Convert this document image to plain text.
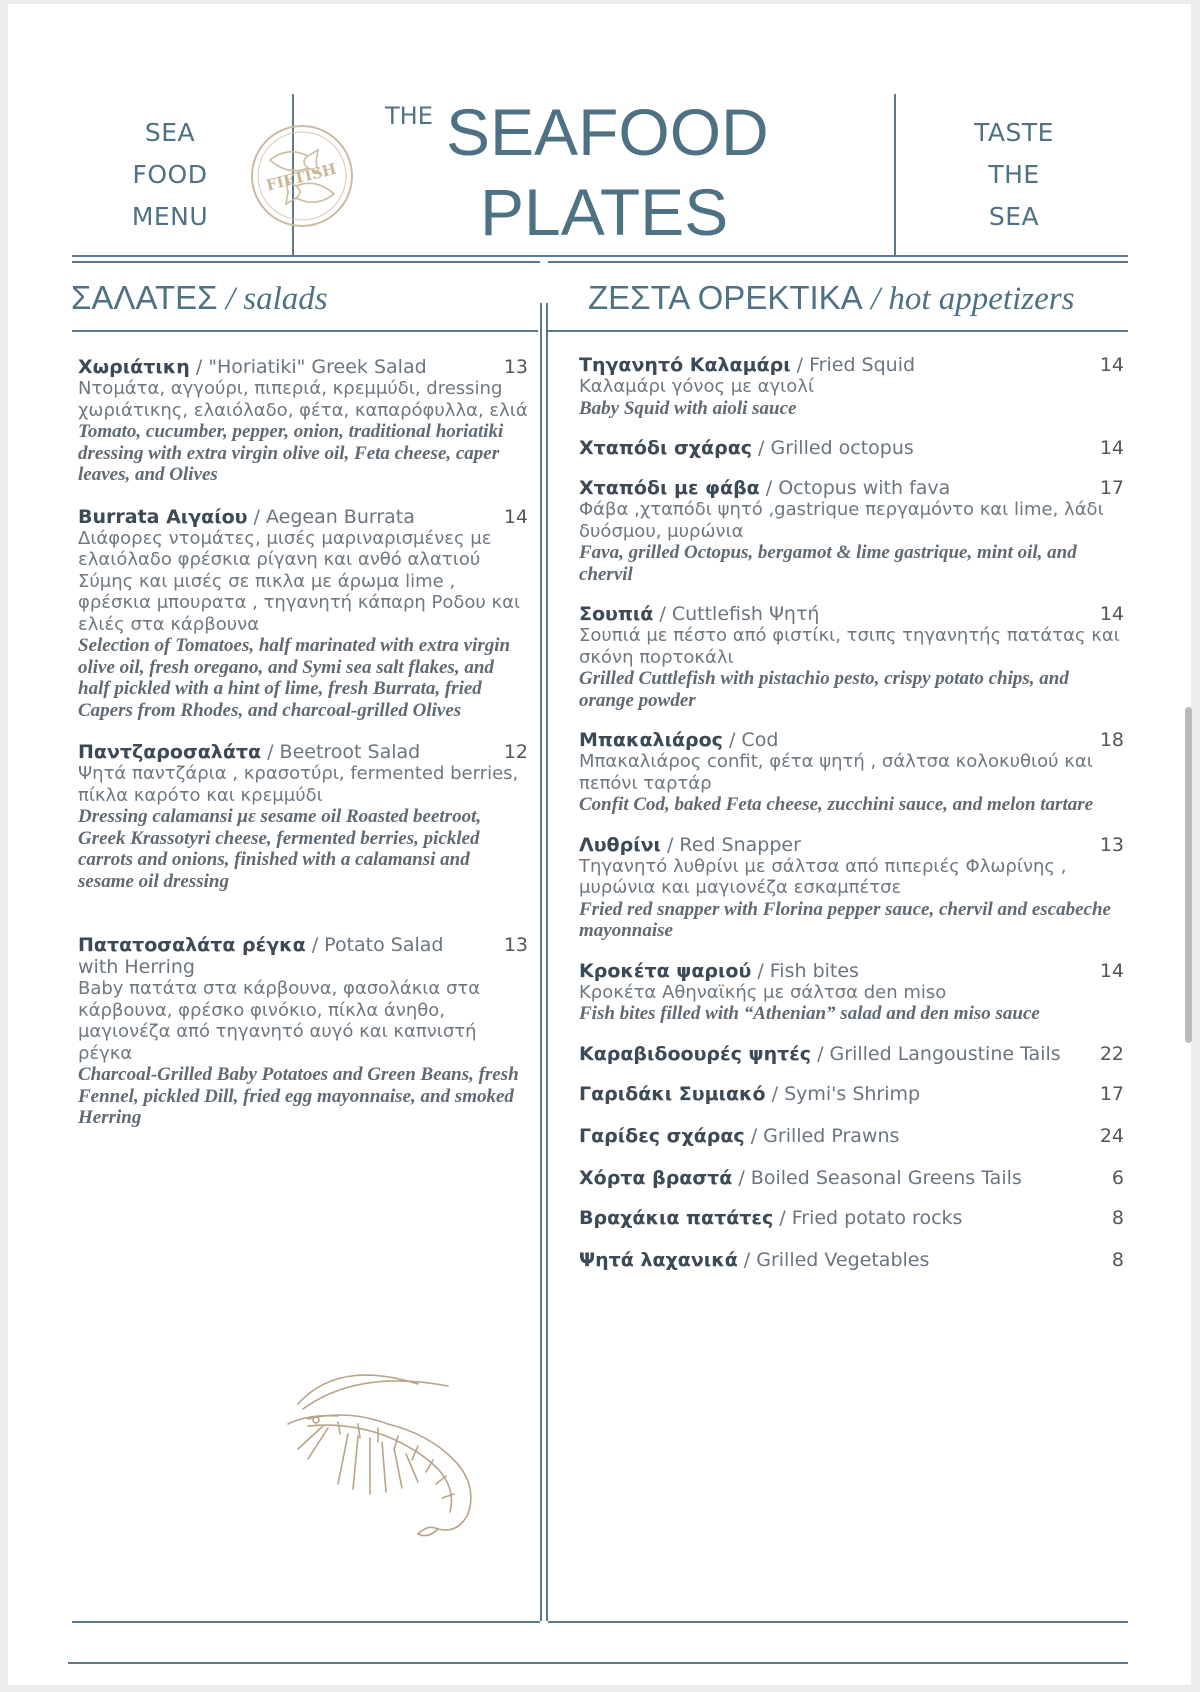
SEA
FOOD
MENU
TASTE
THE
SEA
FIFTISH
THE SEAFOOD
PLATES
ΣΑΛΑΤΕΣ / salads	ΖΕΣΤΑ ΟΡΕΚΤΙΚΑ / hot appetizers
Χωριάτικη / "Horiatiki" Greek Salad	13
Ντομάτα, αγγούρι, πιπεριά, κρεμμύδι, dressing χωριάτικης, ελαιόλαδο, φέτα, καπαρόφυλλα, ελιά
Tomato, cucumber, pepper, onion, traditional horiatiki dressing with extra virgin olive oil, Feta cheese, caper leaves, and Olives
Burrata Αιγαίου / Aegean Burrata	14
Διάφορες ντομάτες, μισές μαριναρισμένες με ελαιόλαδο φρέσκια ρίγανη και ανθό αλατιού Σύμης και μισές σε πικλα με άρωμα lime , φρέσκια μπουρατα , τηγανητή κάπαρη Ροδου και ελιές στα κάρβουνα
Selection of Tomatoes, half marinated with extra virgin olive oil, fresh oregano, and Symi sea salt flakes, and half pickled with a hint of lime, fresh Burrata, fried Capers from Rhodes, and charcoal-grilled Olives
Παντζαροσαλάτα / Beetroot Salad	12
Ψητά παντζάρια , κρασοτύρι, fermented berries, πίκλα καρότο και κρεμμύδι
Dressing calamansi με sesame oil Roasted beetroot, Greek Krassotyri cheese, fermented berries, pickled carrots and onions, finished with a calamansi and sesame oil dressing
Πατατοσαλάτα ρέγκα / Potato Salad with Herring
13
Baby πατάτα στα κάρβουνα, φασολάκια στα κάρβουνα, φρέσκο φινόκιο, πίκλα άνηθο, μαγιονέζα από τηγανητό αυγό και καπνιστή ρέγκα
Charcoal-Grilled Baby Potatoes and Green Beans, fresh Fennel, pickled Dill, fried egg mayonnaise, and smoked Herring
Τηγανητό Καλαμάρι / Fried Squid	14
Καλαμάρι γόνος με αγιολί
Baby Squid with aioli sauce
Χταπόδι σχάρας / Grilled octopus	14
Χταπόδι με φάβα / Octopus with fava	17
Φάβα ,χταπόδι ψητό ,gastrique περγαμόντο και lime, λάδι δυόσμου, μυρώνια
Fava, grilled Octopus, bergamot & lime gastrique, mint oil, and chervil
Σουπιά / Cuttlefish Ψητή	14
Σουπιά με πέστο από φιστίκι, τσιπς τηγανητής πατάτας και σκόνη πορτοκάλι
Grilled Cuttlefish with pistachio pesto, crispy potato chips, and orange powder
Μπακαλιάρος / Cod	18
Μπακαλιάρος confit, φέτα ψητή , σάλτσα κολοκυθιού και πεπόνι ταρτάρ
Confit Cod, baked Feta cheese, zucchini sauce, and melon tartare
Λυθρίνι / Red Snapper	13
Τηγανητό λυθρίνι με σάλτσα από πιπεριές Φλωρίνης , μυρώνια και μαγιονέζα εσκαμπέτσε
Fried red snapper with Florina pepper sauce, chervil and escabeche mayonnaise
Κροκέτα ψαριού / Fish bites	14
Κροκέτα Αθηναϊκής με σάλτσα den miso
Fish bites filled with “Athenian” salad and den miso sauce
Καραβιδοουρές ψητές / Grilled Langoustine Tails	22
Γαριδάκι Συμιακό / Symi's Shrimp	17
Γαρίδες σχάρας / Grilled Prawns	24
Χόρτα βραστά / Boiled Seasonal Greens Tails	6
Βραχάκια πατάτες / Fried potato rocks	8
Ψητά λαχανικά / Grilled Vegetables	8
